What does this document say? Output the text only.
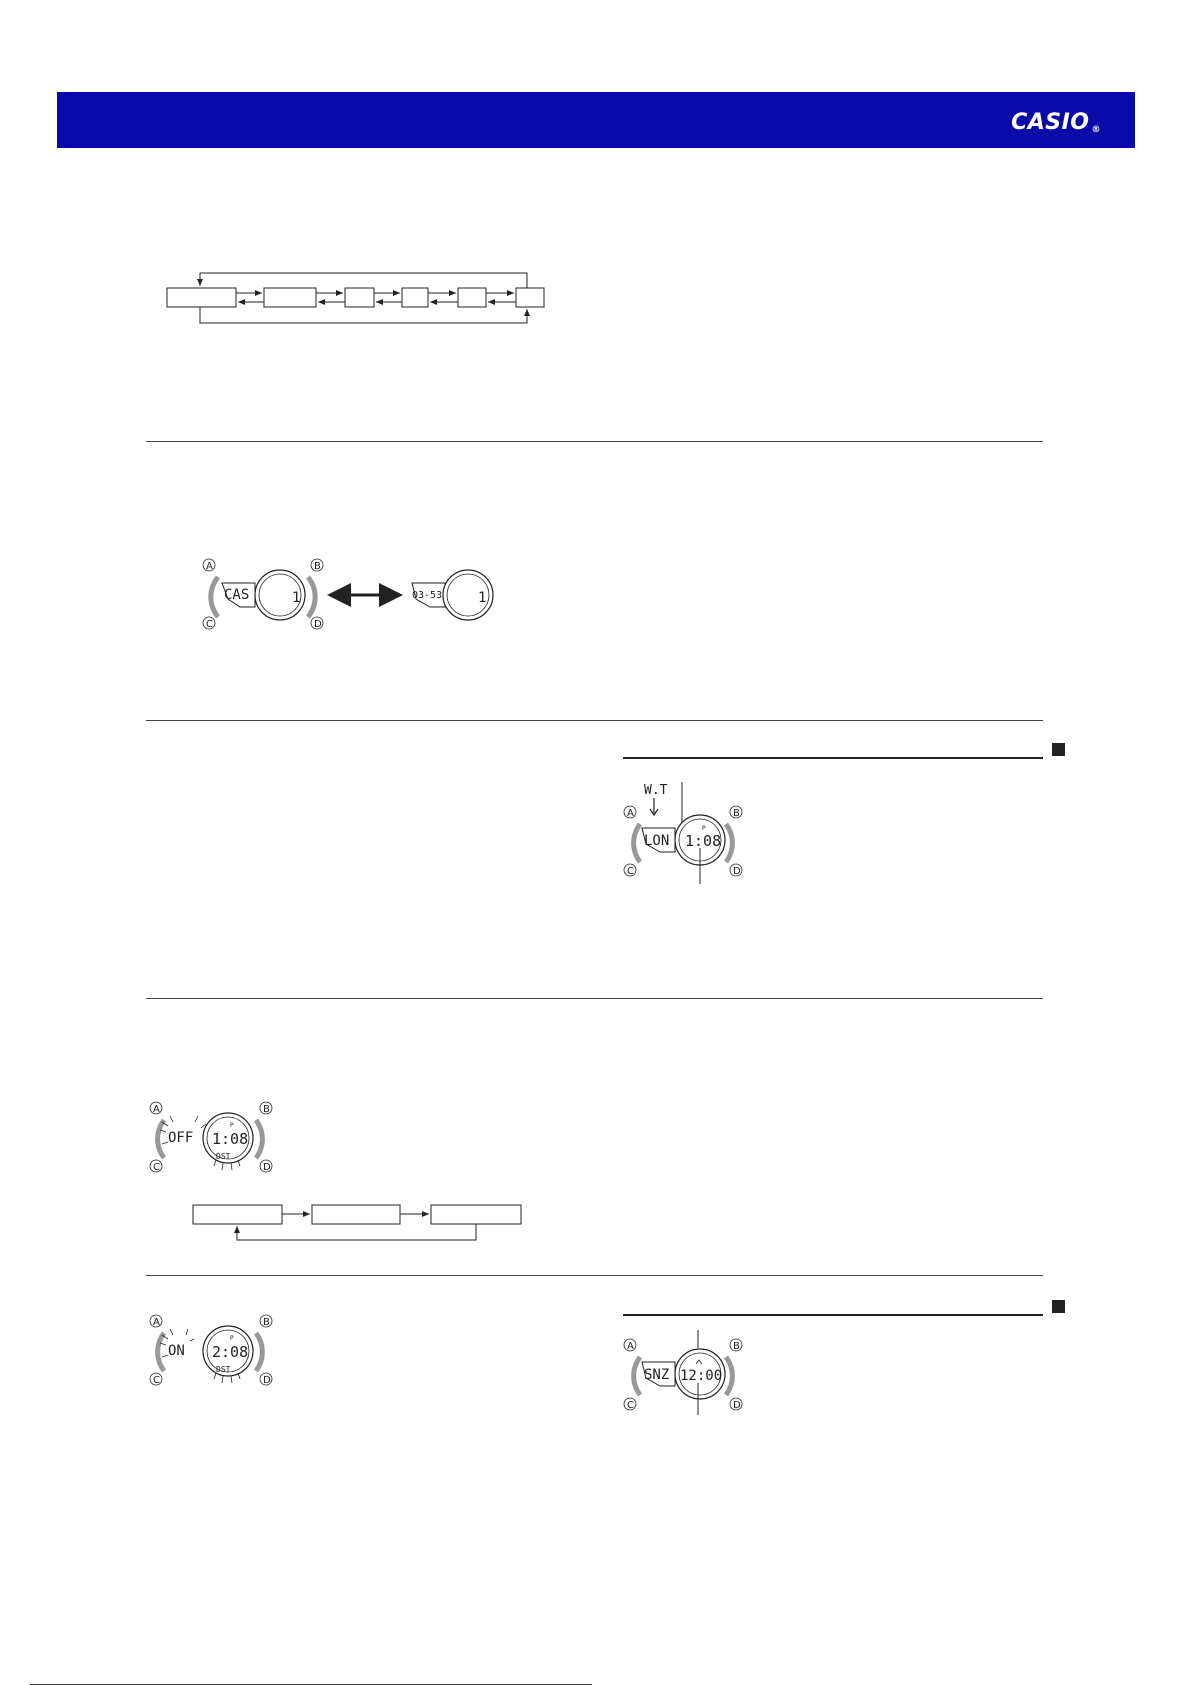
CASIO ®
A	B
C	D
CAS	1	03-53	1
W.T
A	B
C	D
LON
P
1:08
A	B
C	D
OFF
P
1:08
DST
A	B
C	D
ON
P
2:08
DST
A	B
C	D
SNZ 12:00
